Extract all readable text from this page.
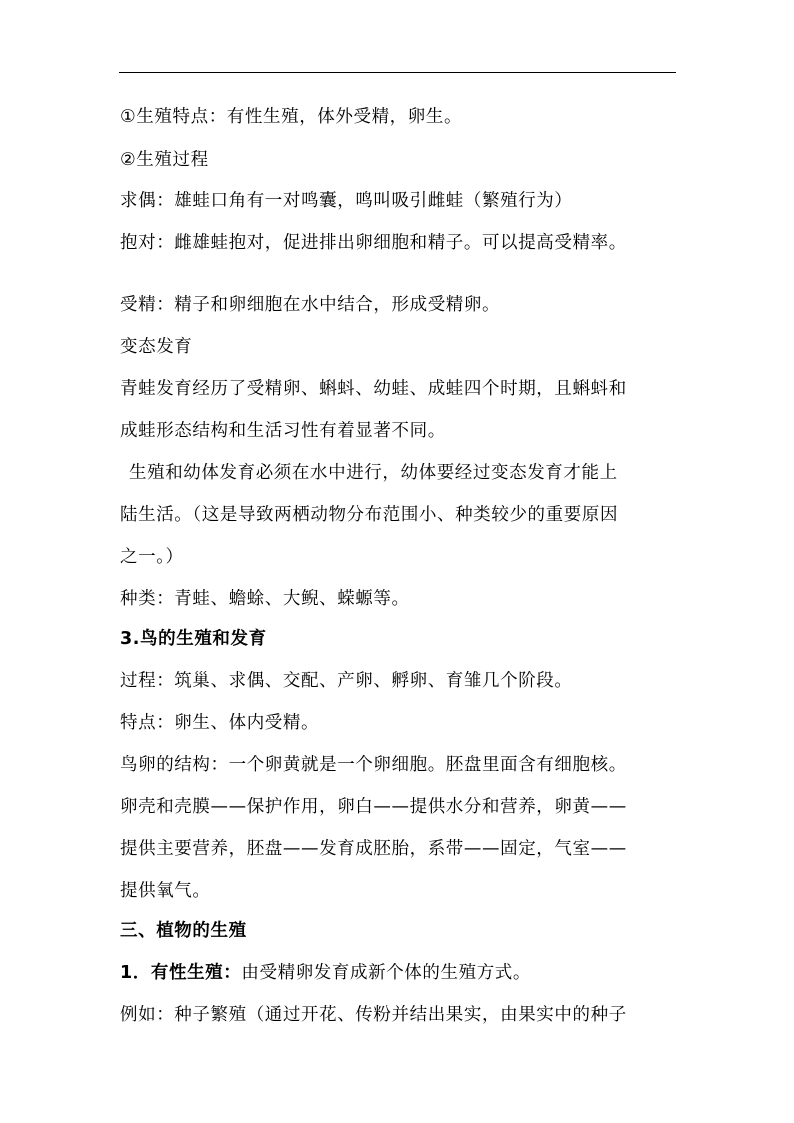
①生殖特点：有性生殖，体外受精，卵生。
②生殖过程
求偶：雄蛙口角有一对鸣囊，鸣叫吸引雌蛙（繁殖行为）
抱对：雌雄蛙抱对，促进排出卵细胞和精子。可以提高受精率。
受精：精子和卵细胞在水中结合，形成受精卵。
变态发育
青蛙发育经历了受精卵、蝌蚪、幼蛙、成蛙四个时期，且蝌蚪和
成蛙形态结构和生活习性有着显著不同。
生殖和幼体发育必须在水中进行，幼体要经过变态发育才能上
陆生活。（这是导致两栖动物分布范围小、种类较少的重要原因
之一。）
种类：青蛙、蟾蜍、大鲵、蝾螈等。
3.鸟的生殖和发育
过程：筑巢、求偶、交配、产卵、孵卵、育雏几个阶段。
特点：卵生、体内受精。
鸟卵的结构：一个卵黄就是一个卵细胞。胚盘里面含有细胞核。
卵壳和壳膜——保护作用，卵白——提供水分和营养，卵黄——
提供主要营养，胚盘——发育成胚胎，系带——固定，气室——
提供氧气。
三、植物的生殖
1．有性生殖：由受精卵发育成新个体的生殖方式。
例如：种子繁殖（通过开花、传粉并结出果实，由果实中的种子
